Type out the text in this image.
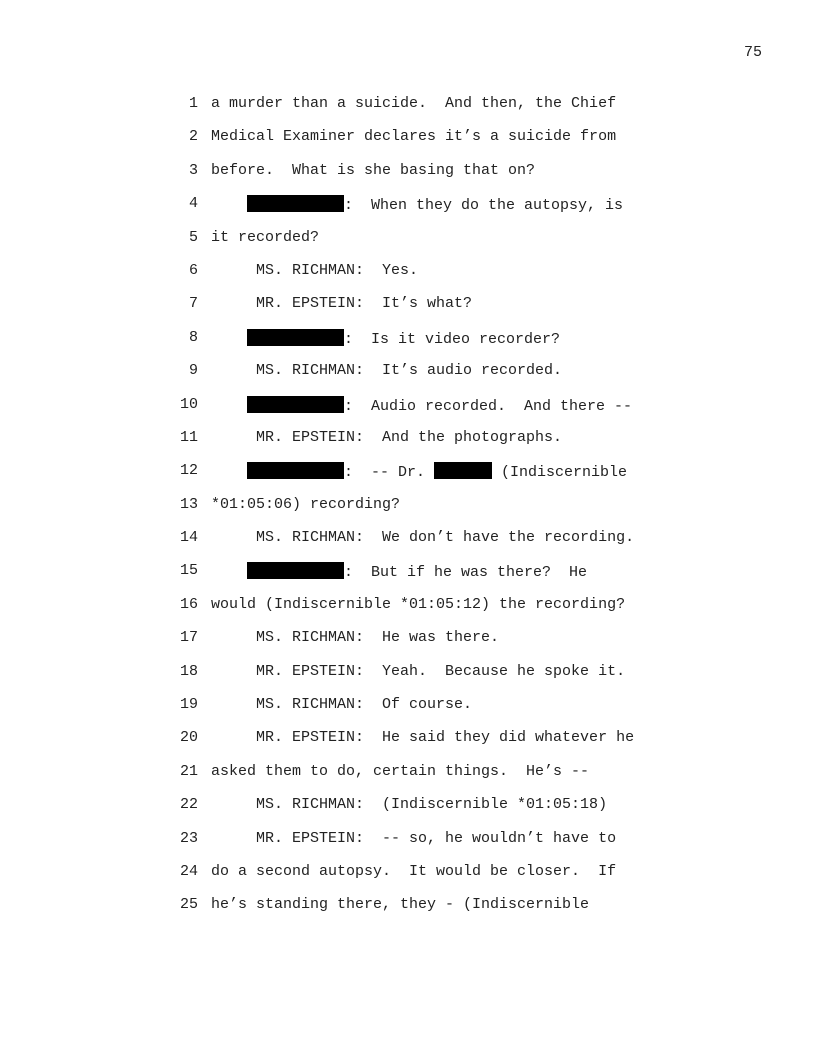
75
1 a murder than a suicide.  And then, the Chief
2 Medical Examiner declares it’s a suicide from
3 before.  What is she basing that on?
4	:  When they do the autopsy, is
5 it recorded?
6 MS. RICHMAN:  Yes.
7 MR. EPSTEIN:  It’s what?
8	:  Is it video recorder?
9 MS. RICHMAN:  It’s audio recorded.
10	:  Audio recorded.  And there --
11 MR. EPSTEIN:  And the photographs.
12	:  -- Dr.	(Indiscernible
13 *01:05:06) recording?
14 MS. RICHMAN:  We don’t have the recording.
15	:  But if he was there?  He
16 would (Indiscernible *01:05:12) the recording?
17 MS. RICHMAN:  He was there.
18 MR. EPSTEIN:  Yeah.  Because he spoke it.
19 MS. RICHMAN:  Of course.
20 MR. EPSTEIN:  He said they did whatever he
21 asked them to do, certain things.  He’s --
22 MS. RICHMAN:  (Indiscernible *01:05:18)
23 MR. EPSTEIN:  -- so, he wouldn’t have to
24 do a second autopsy.  It would be closer.  If
25 he’s standing there, they - (Indiscernible
